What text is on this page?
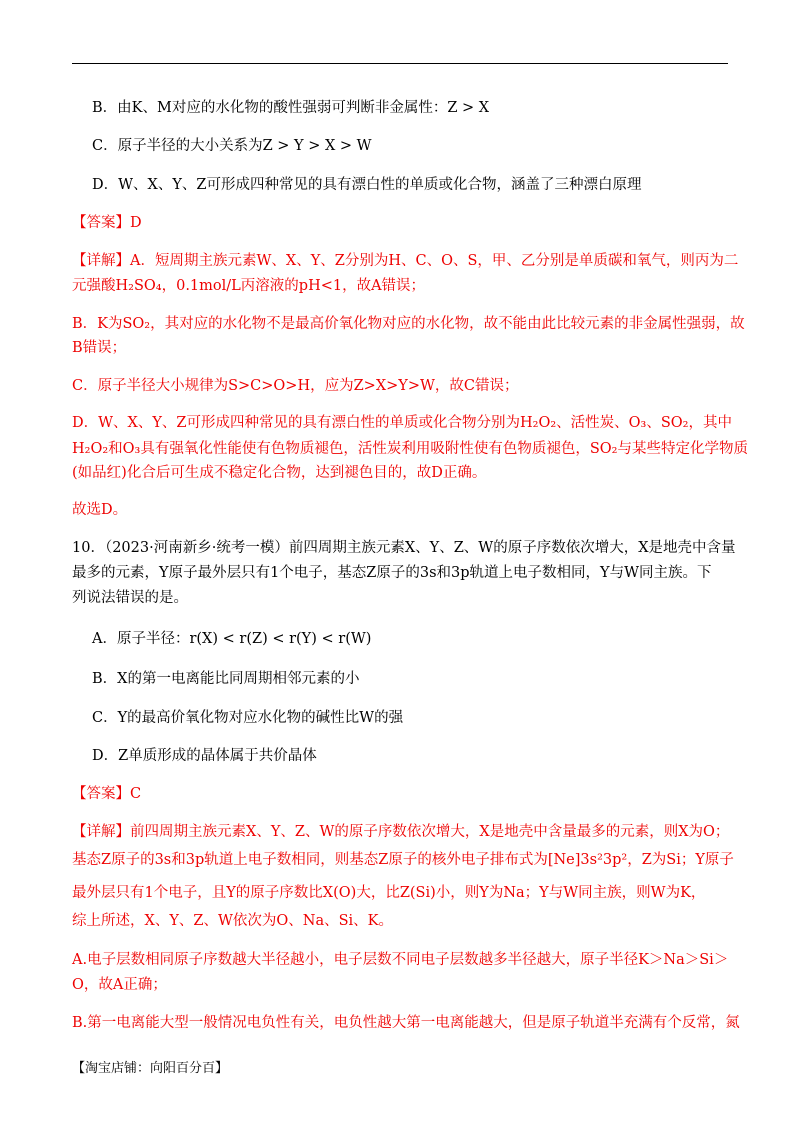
B．由K、M对应的水化物的酸性强弱可判断非金属性：Z > X
C．原子半径的大小关系为Z > Y > X > W
D．W、X、Y、Z可形成四种常见的具有漂白性的单质或化合物，涵盖了三种漂白原理
【答案】D
【详解】A．短周期主族元素W、X、Y、Z分别为H、C、O、S，甲、乙分别是单质碳和氧气，则丙为二
元强酸H₂SO₄，0.1mol/L丙溶液的pH<1，故A错误；
B．K为SO₂，其对应的水化物不是最高价氧化物对应的水化物，故不能由此比较元素的非金属性强弱，故
B错误；
C．原子半径大小规律为S>C>O>H，应为Z>X>Y>W，故C错误；
D．W、X、Y、Z可形成四种常见的具有漂白性的单质或化合物分别为H₂O₂、活性炭、O₃、SO₂，其中
H₂O₂和O₃具有强氧化性能使有色物质褪色，活性炭利用吸附性使有色物质褪色，SO₂与某些特定化学物质
(如品红)化合后可生成不稳定化合物，达到褪色目的，故D正确。
故选D。
10．（2023·河南新乡·统考一模）前四周期主族元素X、Y、Z、W的原子序数依次增大，X是地壳中含量
最多的元素，Y原子最外层只有1个电子，基态Z原子的3s和3p轨道上电子数相同，Y与W同主族。下
列说法错误的是。
A．原子半径：r(X) < r(Z) < r(Y) < r(W)
B．X的第一电离能比同周期相邻元素的小
C．Y的最高价氧化物对应水化物的碱性比W的强
D．Z单质形成的晶体属于共价晶体
【答案】C
【详解】前四周期主族元素X、Y、Z、W的原子序数依次增大，X是地壳中含量最多的元素，则X为O；
基态Z原子的3s和3p轨道上电子数相同，则基态Z原子的核外电子排布式为[Ne]3s²3p²，Z为Si；Y原子
最外层只有1个电子，且Y的原子序数比X(O)大，比Z(Si)小，则Y为Na；Y与W同主族，则W为K，
综上所述，X、Y、Z、W依次为O、Na、Si、K。
A.电子层数相同原子序数越大半径越小，电子层数不同电子层数越多半径越大，原子半径K＞Na＞Si＞
O，故A正确；
B.第一电离能大型一般情况电负性有关，电负性越大第一电离能越大，但是原子轨道半充满有个反常，氮
【淘宝店铺：向阳百分百】
